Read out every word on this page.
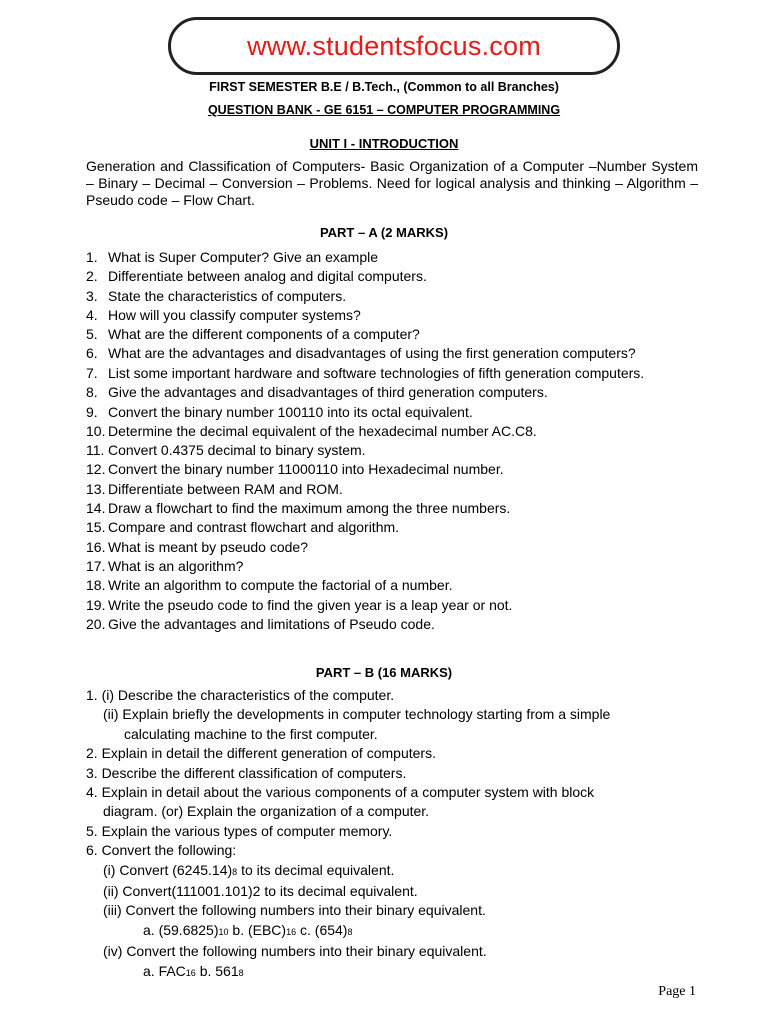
www.studentsfocus.com
FIRST SEMESTER B.E / B.Tech., (Common to all Branches)
QUESTION BANK - GE 6151 – COMPUTER PROGRAMMING
UNIT I - INTRODUCTION
Generation and Classification of Computers- Basic Organization of a Computer –Number System – Binary – Decimal – Conversion – Problems. Need for logical analysis and thinking – Algorithm – Pseudo code – Flow Chart.
PART – A (2 MARKS)
1. What is Super Computer? Give an example
2. Differentiate between analog and digital computers.
3. State the characteristics of computers.
4. How will you classify computer systems?
5. What are the different components of a computer?
6. What are the advantages and disadvantages of using the first generation computers?
7. List some important hardware and software technologies of fifth generation computers.
8. Give the advantages and disadvantages of third generation computers.
9. Convert the binary number 100110 into its octal equivalent.
10. Determine the decimal equivalent of the hexadecimal number AC.C8.
11. Convert 0.4375 decimal to binary system.
12. Convert the binary number 11000110 into Hexadecimal number.
13. Differentiate between RAM and ROM.
14. Draw a flowchart to find the maximum among the three numbers.
15. Compare and contrast flowchart and algorithm.
16. What is meant by pseudo code?
17. What is an algorithm?
18. Write an algorithm to compute the factorial of a number.
19. Write the pseudo code to find the given year is a leap year or not.
20. Give the advantages and limitations of Pseudo code.
PART – B (16 MARKS)
1. (i) Describe the characteristics of the computer.
(ii) Explain briefly the developments in computer technology starting from a simple
calculating machine to the first computer.
2. Explain in detail the different generation of computers.
3. Describe the different classification of computers.
4. Explain in detail about the various components of a computer system with block
diagram. (or) Explain the organization of a computer.
5. Explain the various types of computer memory.
6. Convert the following:
(i) Convert (6245.14)8 to its decimal equivalent.
(ii) Convert(111001.101)2 to its decimal equivalent.
(iii) Convert the following numbers into their binary equivalent.
a. (59.6825)10 b. (EBC)16 c. (654)8
(iv) Convert the following numbers into their binary equivalent.
a. FAC16 b. 5618
Page 1
